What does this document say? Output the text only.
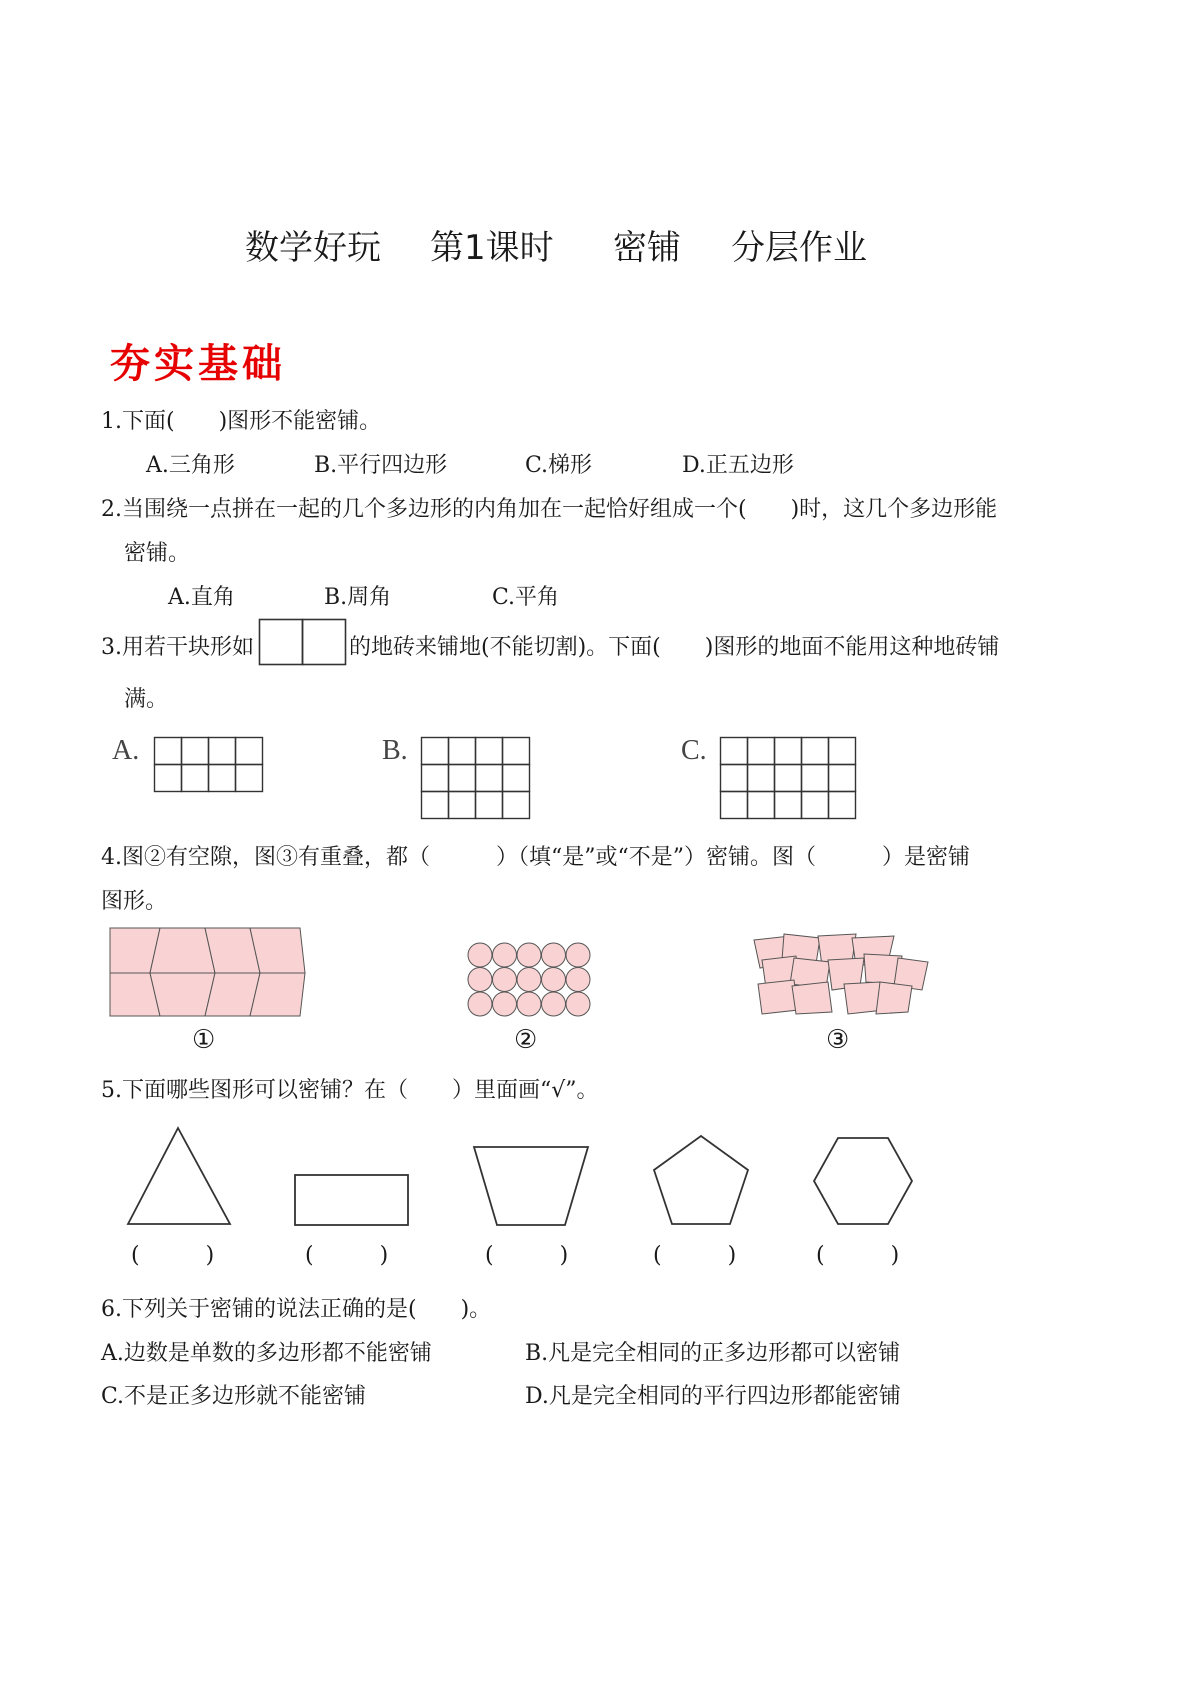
数学好玩 第1课时 密铺 分层作业
夯实基础
1.下面(　　)图形不能密铺。
A.三角形	B.平行四边形	C.梯形	D.正五边形
2.当围绕一点拼在一起的几个多边形的内角加在一起恰好组成一个(　　)时，这几个多边形能
密铺。
A.直角	B.周角	C.平角
3.用若干块形如	的地砖来铺地(不能切割)。下面(　　)图形的地面不能用这种地砖铺
满。
A.	B.	C.
4.图②有空隙，图③有重叠，都（　　　）（填“是”或“不是”）密铺。图（　　　）是密铺
图形。
①	②	③
5.下面哪些图形可以密铺？在（　　）里面画“√”。
(　　　)	(　　　)	(　　　)	(　　　)	(　　　)
6.下列关于密铺的说法正确的是(　　)。
A.边数是单数的多边形都不能密铺	B.凡是完全相同的正多边形都可以密铺
C.不是正多边形就不能密铺	D.凡是完全相同的平行四边形都能密铺
